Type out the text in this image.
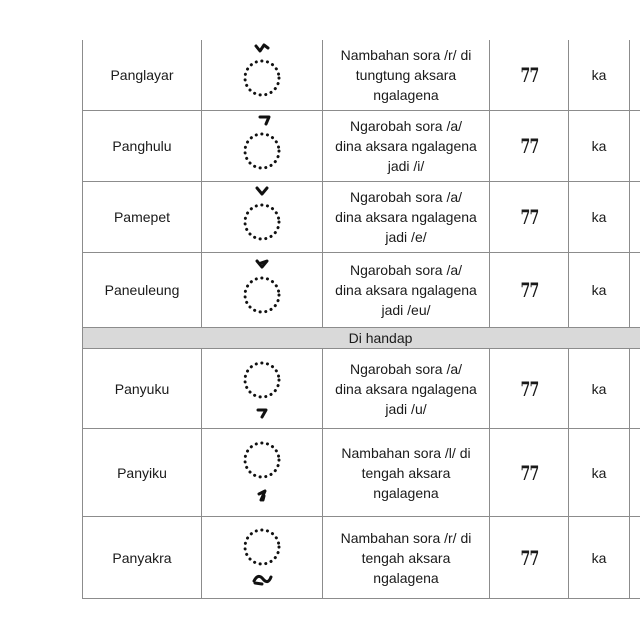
Panglayar		Nambahan sora /r/ di
tungtung aksara
ngalagena	77	ka	
Panghulu		Ngarobah sora /a/
dina aksara ngalagena
jadi /i/	77	ka	
Pamepet		Ngarobah sora /a/
dina aksara ngalagena
jadi /e/	77	ka	
Paneuleung		Ngarobah sora /a/
dina aksara ngalagena
jadi /eu/	77	ka	
Di handap					
Panyuku		Ngarobah sora /a/
dina aksara ngalagena
jadi /u/	77	ka	
Panyiku		Nambahan sora /l/ di
tengah aksara
ngalagena	77	ka	
Panyakra		Nambahan sora /r/ di
tengah aksara
ngalagena	77	ka	
